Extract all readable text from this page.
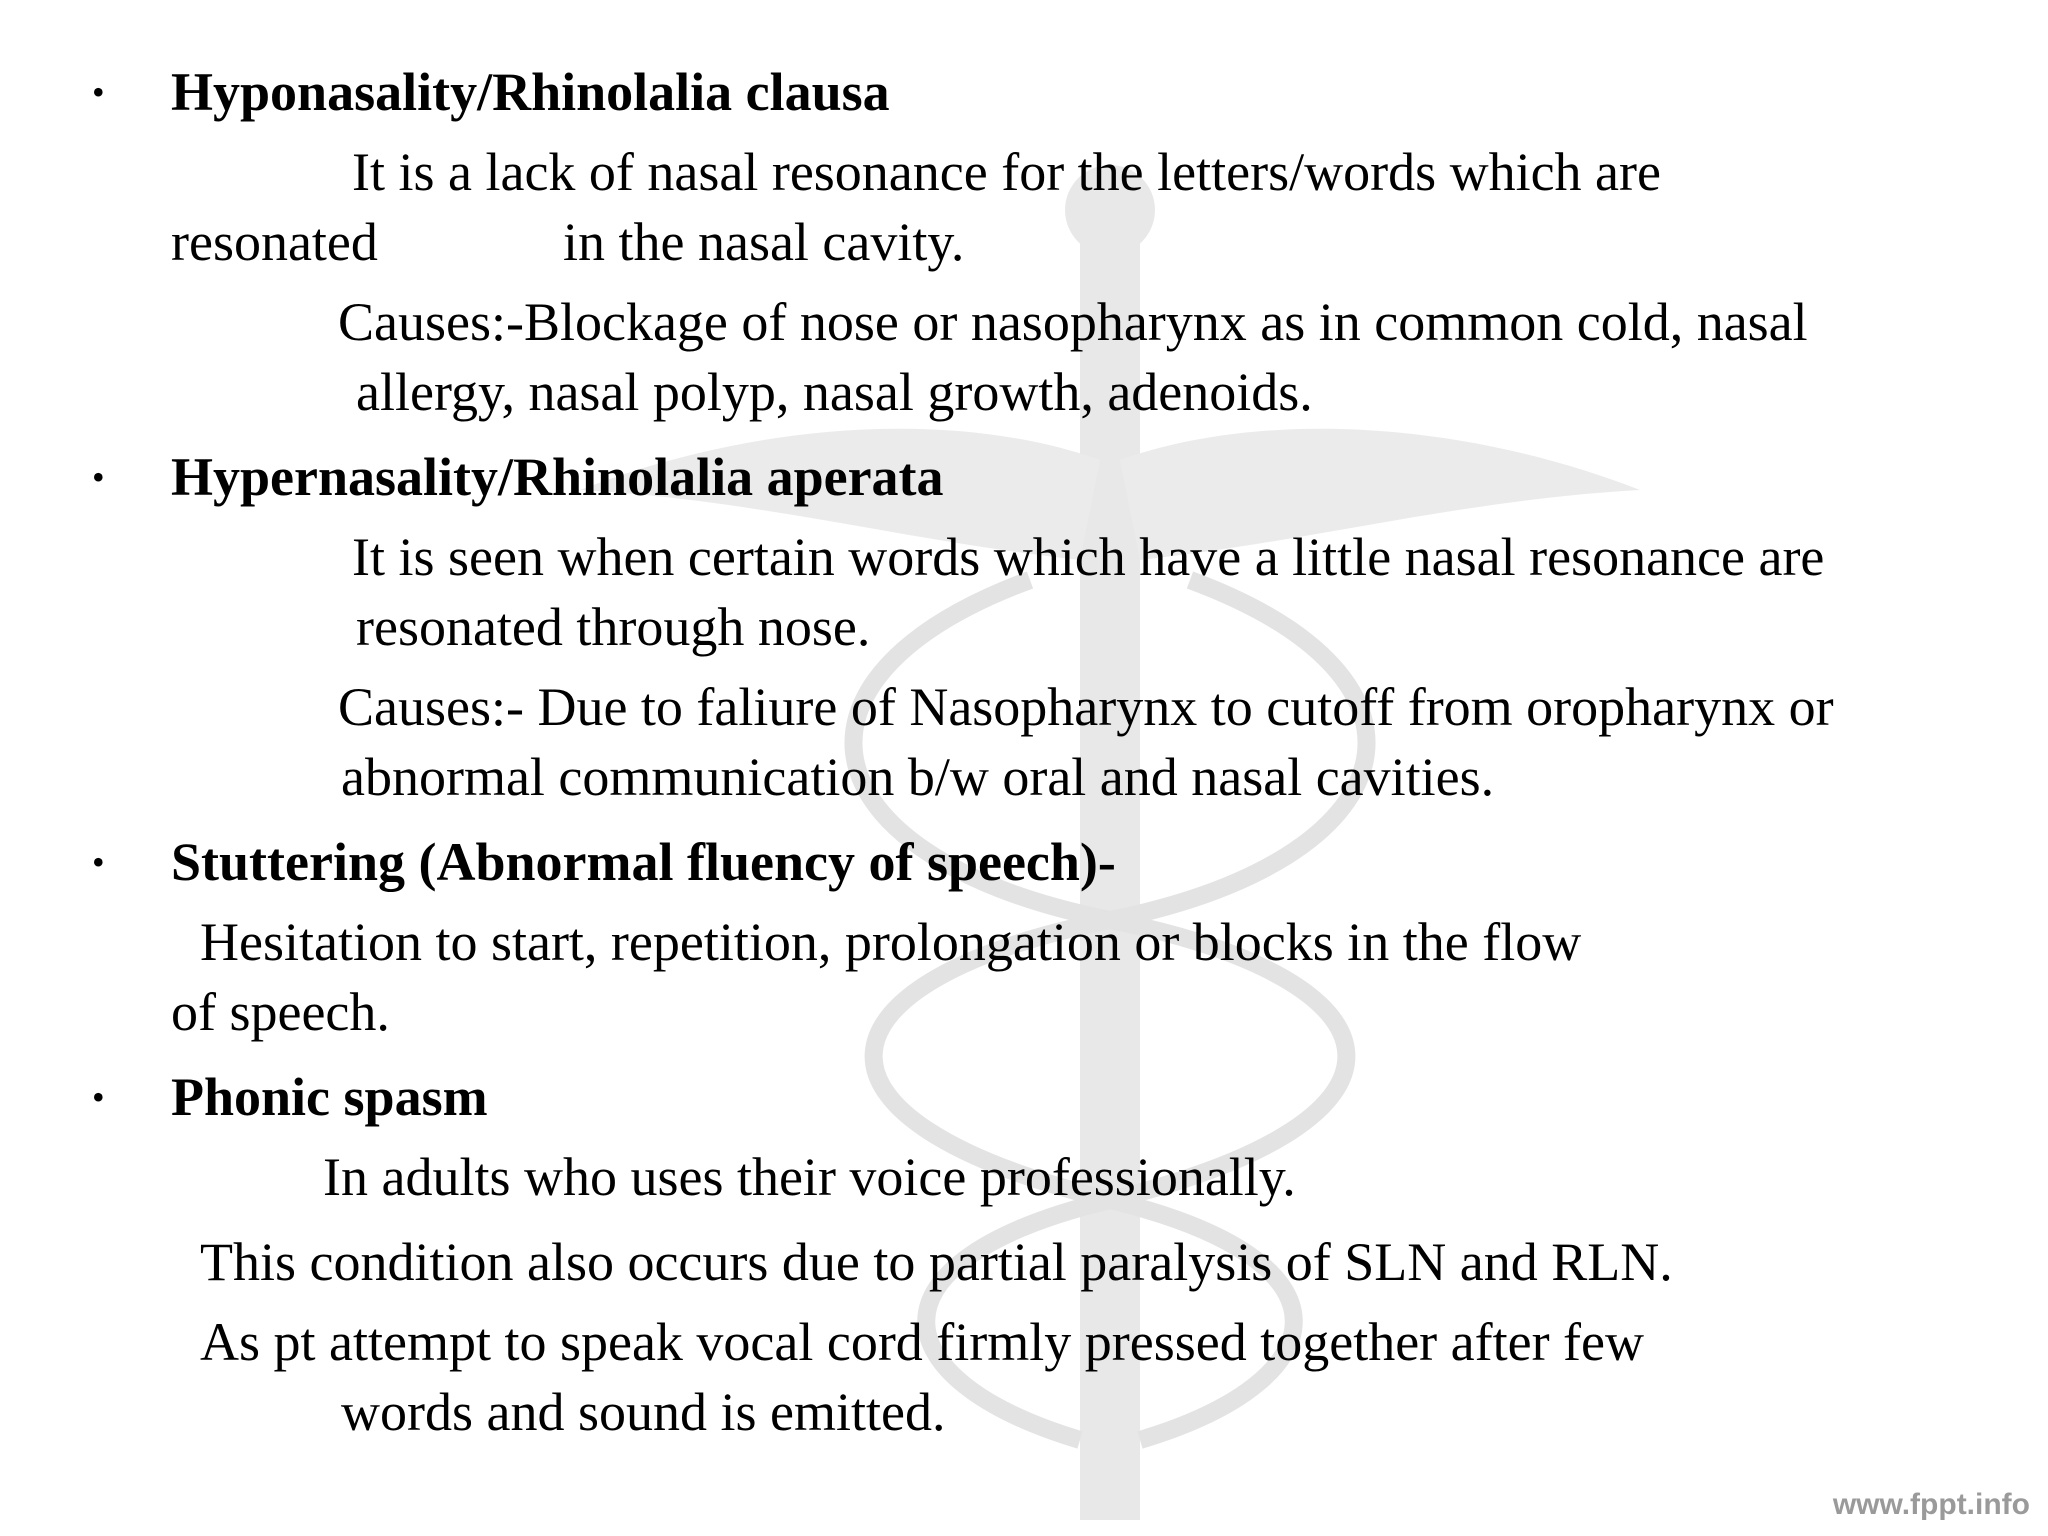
• Hyponasality/Rhinolalia clausa
It is a lack of nasal resonance for the letters/words which are
resonated	in the nasal cavity.
Causes:-Blockage of nose or nasopharynx as in common cold, nasal
allergy, nasal polyp, nasal growth, adenoids.
• Hypernasality/Rhinolalia aperata
It is seen when certain words which have a little nasal resonance are
resonated through nose.
Causes:- Due to faliure of Nasopharynx to cutoff from oropharynx or
abnormal communication b/w oral and nasal cavities.
• Stuttering (Abnormal fluency of speech)-
Hesitation to start, repetition, prolongation or blocks in the flow
of speech.
• Phonic spasm
In adults who uses their voice professionally.
This condition also occurs due to partial paralysis of SLN and RLN.
As pt attempt to speak vocal cord firmly pressed together after few
words and sound is emitted.
www.fppt.info
